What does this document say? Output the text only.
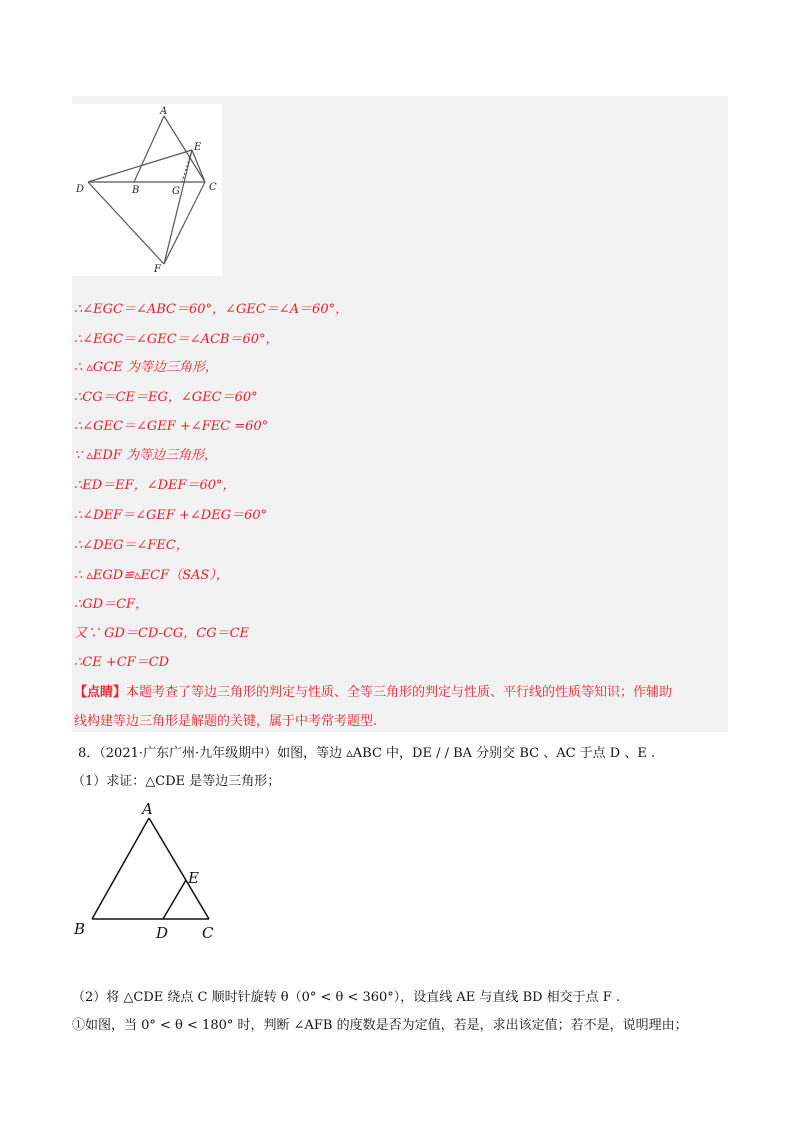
A
E
D	B	G	C
F
∴∠EGC＝∠ABC＝60°，∠GEC＝∠A＝60°，
∴∠EGC＝∠GEC＝∠ACB＝60°，
∴ ▵GCE 为等边三角形，
∴CG＝CE＝EG，∠GEC＝60°
∴∠GEC＝∠GEF +∠FEC =60°
∵ ▵EDF 为等边三角形，
∴ED＝EF，∠DEF＝60°，
∴∠DEF＝∠GEF +∠DEG＝60°
∴∠DEG＝∠FEC，
∴ ▵EGD≌▵ECF（SAS），
∴GD＝CF，
又∵ GD＝CD-CG，CG＝CE
∴CE +CF＝CD
【点睛】本题考查了等边三角形的判定与性质、全等三角形的判定与性质、平行线的性质等知识；作辅助
线构建等边三角形是解题的关键，属于中考常考题型.
8．（2021·广东广州·九年级期中）如图，等边 ▵ABC 中，DE / / BA 分别交 BC 、AC 于点 D 、E .
（1）求证：△CDE 是等边三角形；
A
E
B	D C
（2）将 △CDE 绕点 C 顺时针旋转 θ（0° < θ < 360°），设直线 AE 与直线 BD 相交于点 F .
①如图，当 0° < θ < 180° 时，判断 ∠AFB 的度数是否为定值，若是，求出该定值；若不是，说明理由；
